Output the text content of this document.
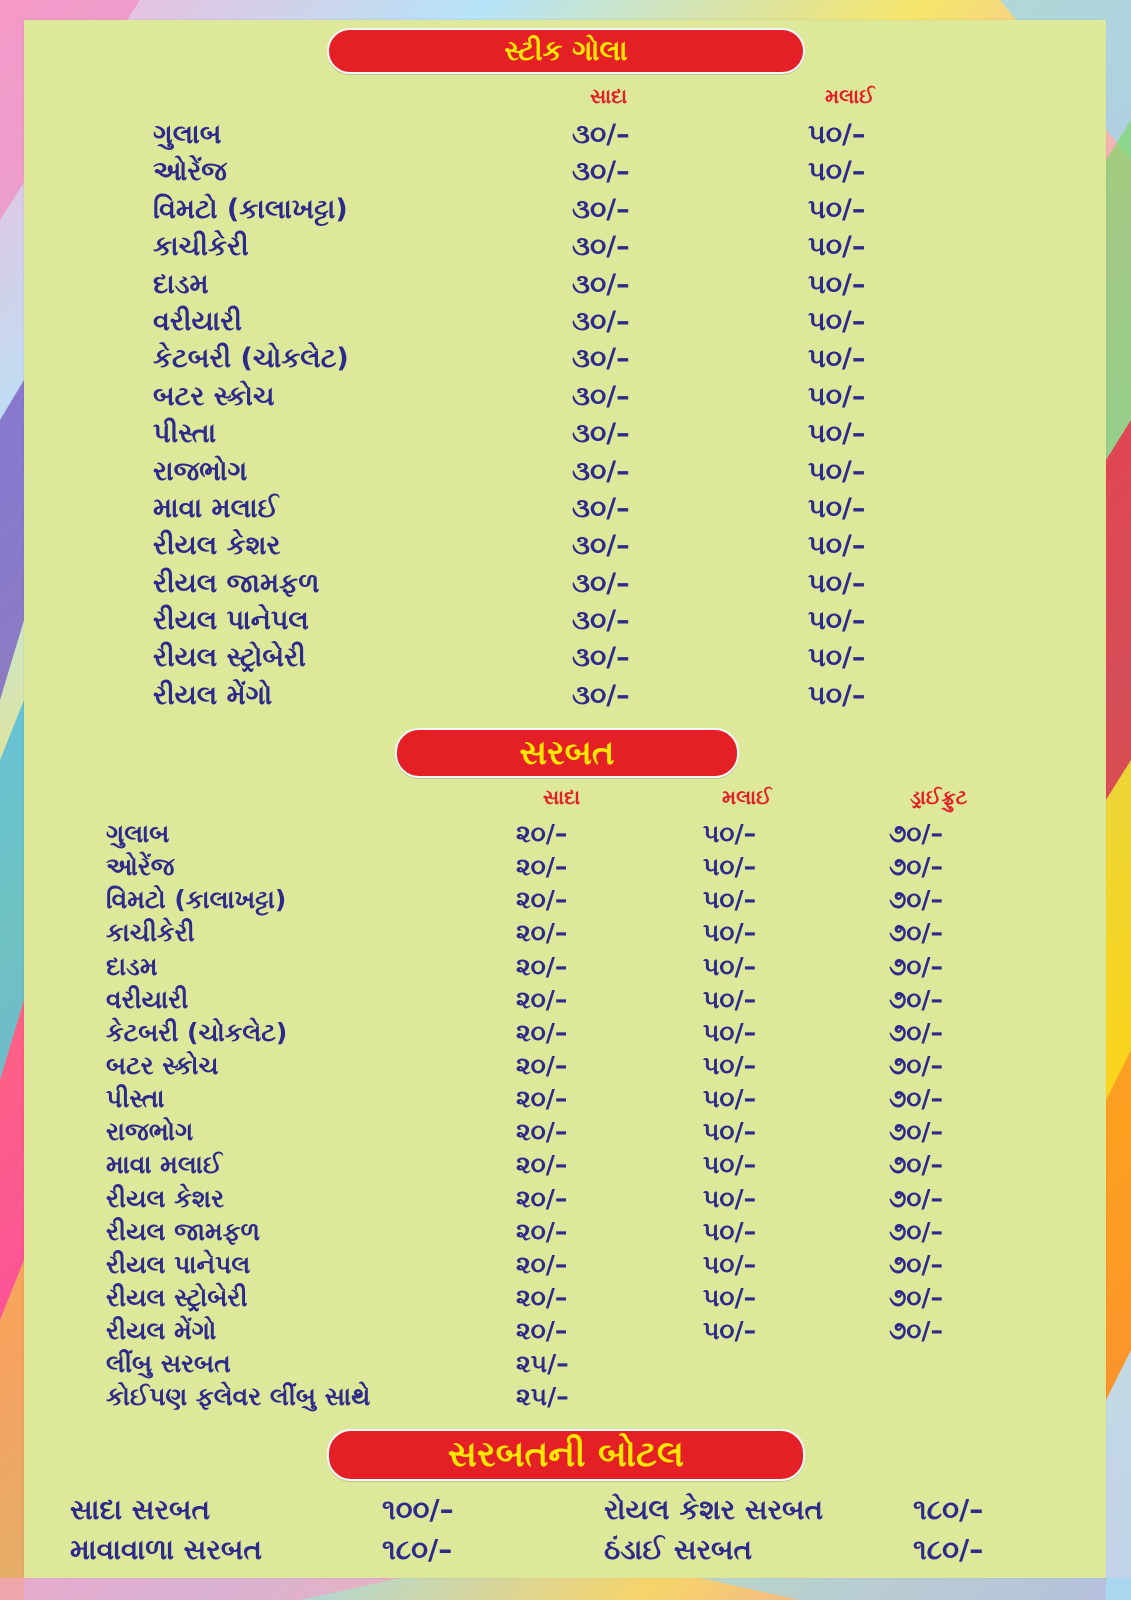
સ્ટીક ગોલા
સાદા	મલાઈ
ગુલાબ	૩૦/–	૫૦/–
ઓરેંજ	૩૦/–	૫૦/–
વિમટો (કાલાખટ્ટા)	૩૦/–	૫૦/–
કાચીકેરી	૩૦/–	૫૦/–
દાડમ	૩૦/–	૫૦/–
વરીયારી	૩૦/–	૫૦/–
કેટબરી (ચોકલેટ)	૩૦/–	૫૦/–
બટર સ્કોચ	૩૦/–	૫૦/–
પીસ્તા	૩૦/–	૫૦/–
રાજભોગ	૩૦/–	૫૦/–
માવા મલાઈ	૩૦/–	૫૦/–
રીયલ કેશર	૩૦/–	૫૦/–
રીયલ જામફળ	૩૦/–	૫૦/–
રીયલ પાનેપલ	૩૦/–	૫૦/–
રીયલ સ્ટ્રોબેરી	૩૦/–	૫૦/–
રીયલ મેંગો	૩૦/–	૫૦/–
સરબત
સાદા	મલાઈ	ડ્રાઈફ્રુટ
ગુલાબ	૨૦/–	૫૦/–	૭૦/–
ઓરેંજ	૨૦/–	૫૦/–	૭૦/–
વિમટો (કાલાખટ્ટા)	૨૦/–	૫૦/–	૭૦/–
કાચીકેરી	૨૦/–	૫૦/–	૭૦/–
દાડમ	૨૦/–	૫૦/–	૭૦/–
વરીયારી	૨૦/–	૫૦/–	૭૦/–
કેટબરી (ચોકલેટ)	૨૦/–	૫૦/–	૭૦/–
બટર સ્કોચ	૨૦/–	૫૦/–	૭૦/–
પીસ્તા	૨૦/–	૫૦/–	૭૦/–
રાજભોગ	૨૦/–	૫૦/–	૭૦/–
માવા મલાઈ	૨૦/–	૫૦/–	૭૦/–
રીયલ કેશર	૨૦/–	૫૦/–	૭૦/–
રીયલ જામફળ	૨૦/–	૫૦/–	૭૦/–
રીયલ પાનેપલ	૨૦/–	૫૦/–	૭૦/–
રીયલ સ્ટ્રોબેરી	૨૦/–	૫૦/–	૭૦/–
રીયલ મેંગો	૨૦/–	૫૦/–	૭૦/–
લીંબુ સરબત	૨૫/–
કોઈપણ ફલેવર લીંબુ સાથે	૨૫/–
સરબતની બોટલ
સાદા સરબત	૧૦૦/–
માવાવાળા સરબત	૧૮૦/–
રોયલ કેશર સરબત	૧૮૦/–
ઠંડાઈ સરબત	૧૮૦/–
